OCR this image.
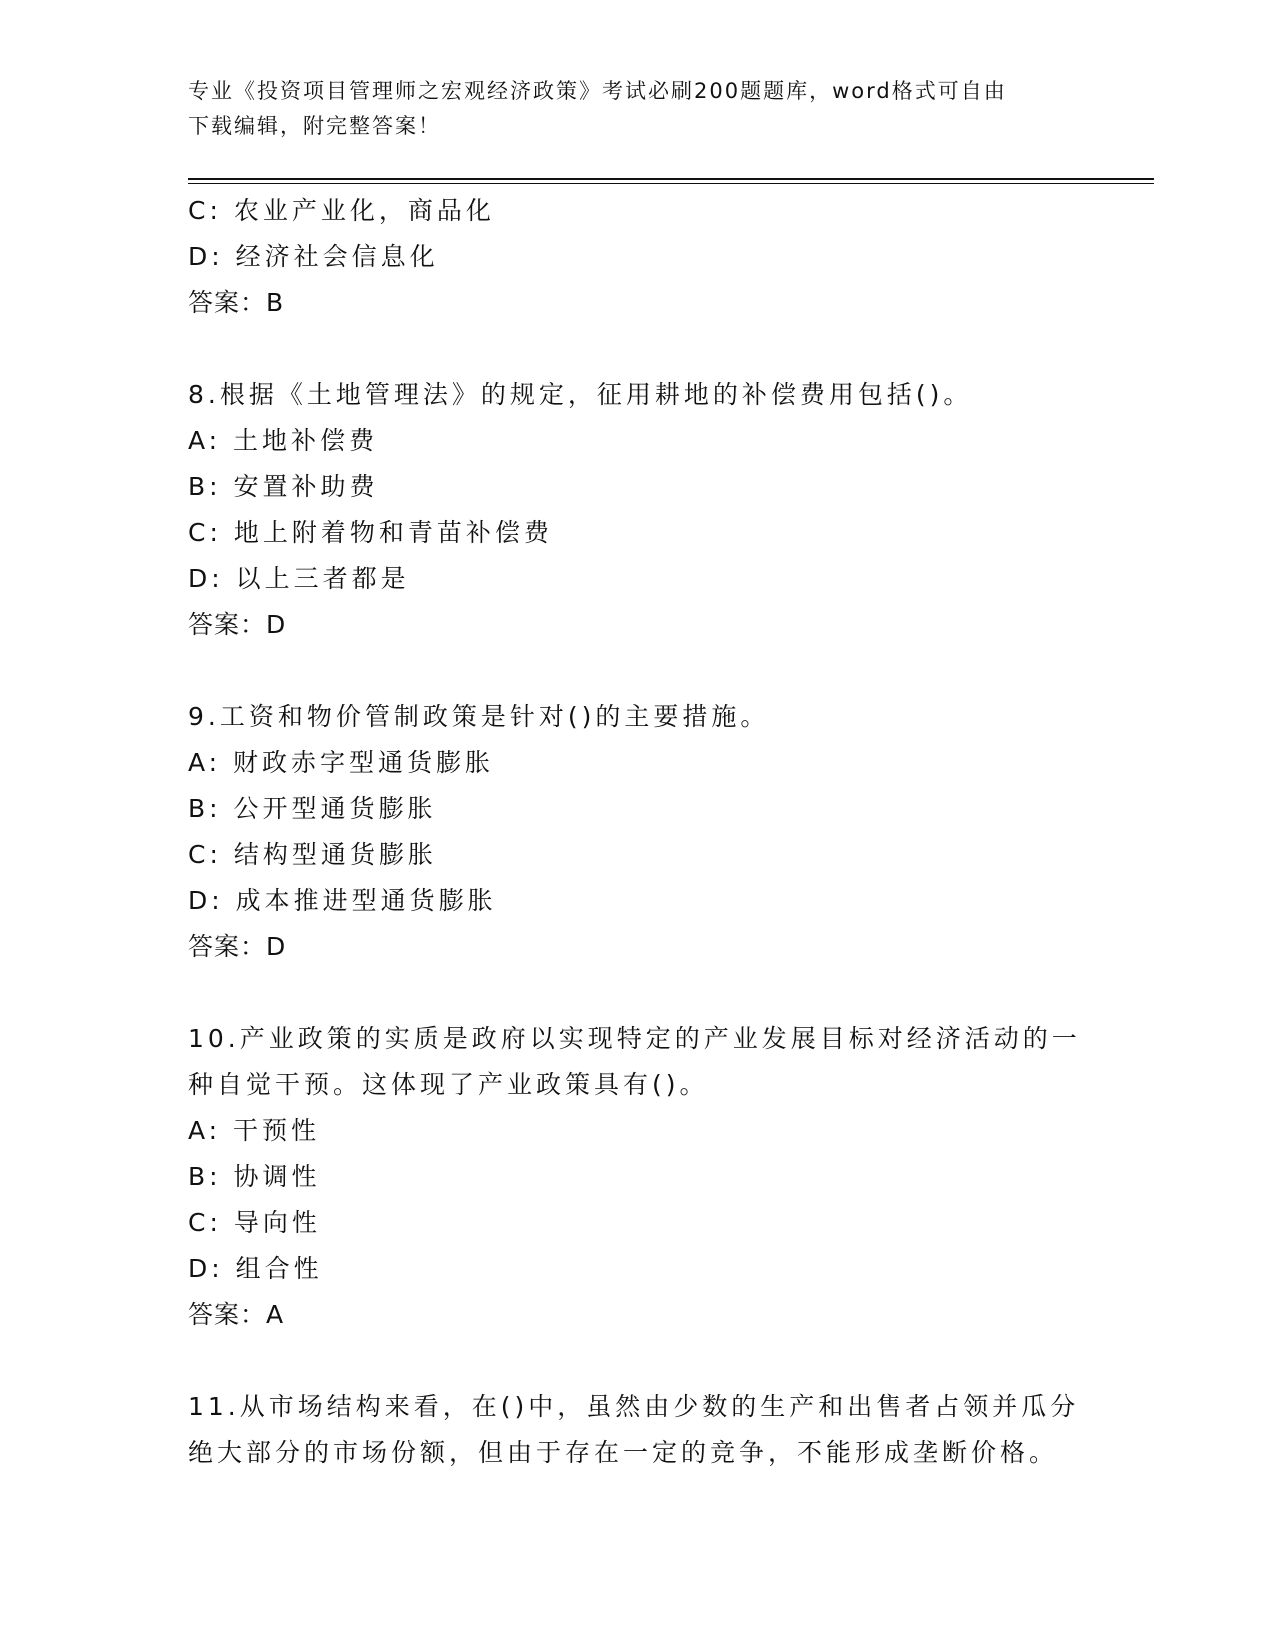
专业《投资项目管理师之宏观经济政策》考试必刷200题题库，word格式可自由
下载编辑，附完整答案！
C: 农业产业化，商品化
D: 经济社会信息化
答案：B
8.根据《土地管理法》的规定，征用耕地的补偿费用包括()。
A: 土地补偿费
B: 安置补助费
C: 地上附着物和青苗补偿费
D: 以上三者都是
答案：D
9.工资和物价管制政策是针对()的主要措施。
A: 财政赤字型通货膨胀
B: 公开型通货膨胀
C: 结构型通货膨胀
D: 成本推进型通货膨胀
答案：D
10.产业政策的实质是政府以实现特定的产业发展目标对经济活动的一
种自觉干预。这体现了产业政策具有()。
A: 干预性
B: 协调性
C: 导向性
D: 组合性
答案：A
11.从市场结构来看，在()中，虽然由少数的生产和出售者占领并瓜分
绝大部分的市场份额，但由于存在一定的竞争，不能形成垄断价格。
